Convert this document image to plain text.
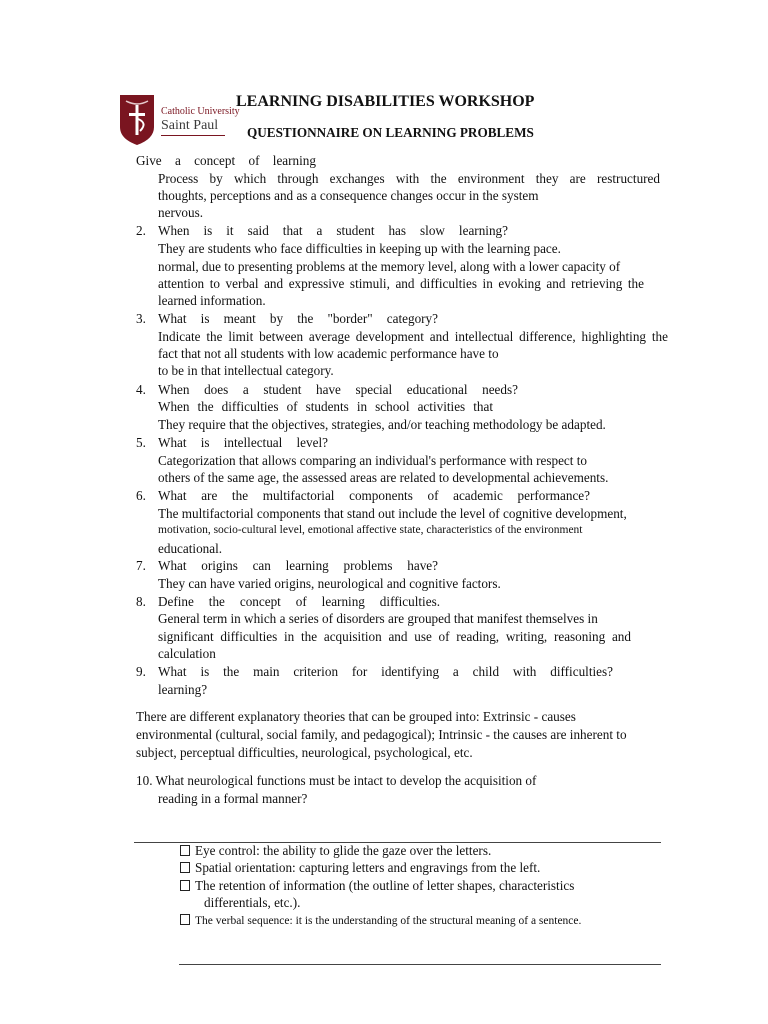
Catholic University
Saint Paul
LEARNING DISABILITIES WORKSHOP
QUESTIONNAIRE ON LEARNING PROBLEMS
Give a concept of learning
Process by which through exchanges with the environment they are restructured
thoughts, perceptions and as a consequence changes occur in the system
nervous.
2. When is it said that a student has slow learning?
They are students who face difficulties in keeping up with the learning pace.
normal, due to presenting problems at the memory level, along with a lower capacity of
attention to verbal and expressive stimuli, and difficulties in evoking and retrieving the
learned information.
3. What is meant by the "border" category?
Indicate the limit between average development and intellectual difference, highlighting the
fact that not all students with low academic performance have to
to be in that intellectual category.
4. When does a student have special educational needs?
When the difficulties of students in school activities that
They require that the objectives, strategies, and/or teaching methodology be adapted.
5. What is intellectual level?
Categorization that allows comparing an individual's performance with respect to
others of the same age, the assessed areas are related to developmental achievements.
6. What are the multifactorial components of academic performance?
The multifactorial components that stand out include the level of cognitive development,
motivation, socio-cultural level, emotional affective state, characteristics of the environment
educational.
7. What origins can learning problems have?
They can have varied origins, neurological and cognitive factors.
8. Define the concept of learning difficulties.
General term in which a series of disorders are grouped that manifest themselves in
significant difficulties in the acquisition and use of reading, writing, reasoning and
calculation
9. What is the main criterion for identifying a child with difficulties?
learning?
There are different explanatory theories that can be grouped into: Extrinsic - causes
environmental (cultural, social family, and pedagogical); Intrinsic - the causes are inherent to
subject, perceptual difficulties, neurological, psychological, etc.
10. What neurological functions must be intact to develop the acquisition of
reading in a formal manner?
Eye control: the ability to glide the gaze over the letters.
Spatial orientation: capturing letters and engravings from the left.
The retention of information (the outline of letter shapes, characteristics
differentials, etc.).
The verbal sequence: it is the understanding of the structural meaning of a sentence.
